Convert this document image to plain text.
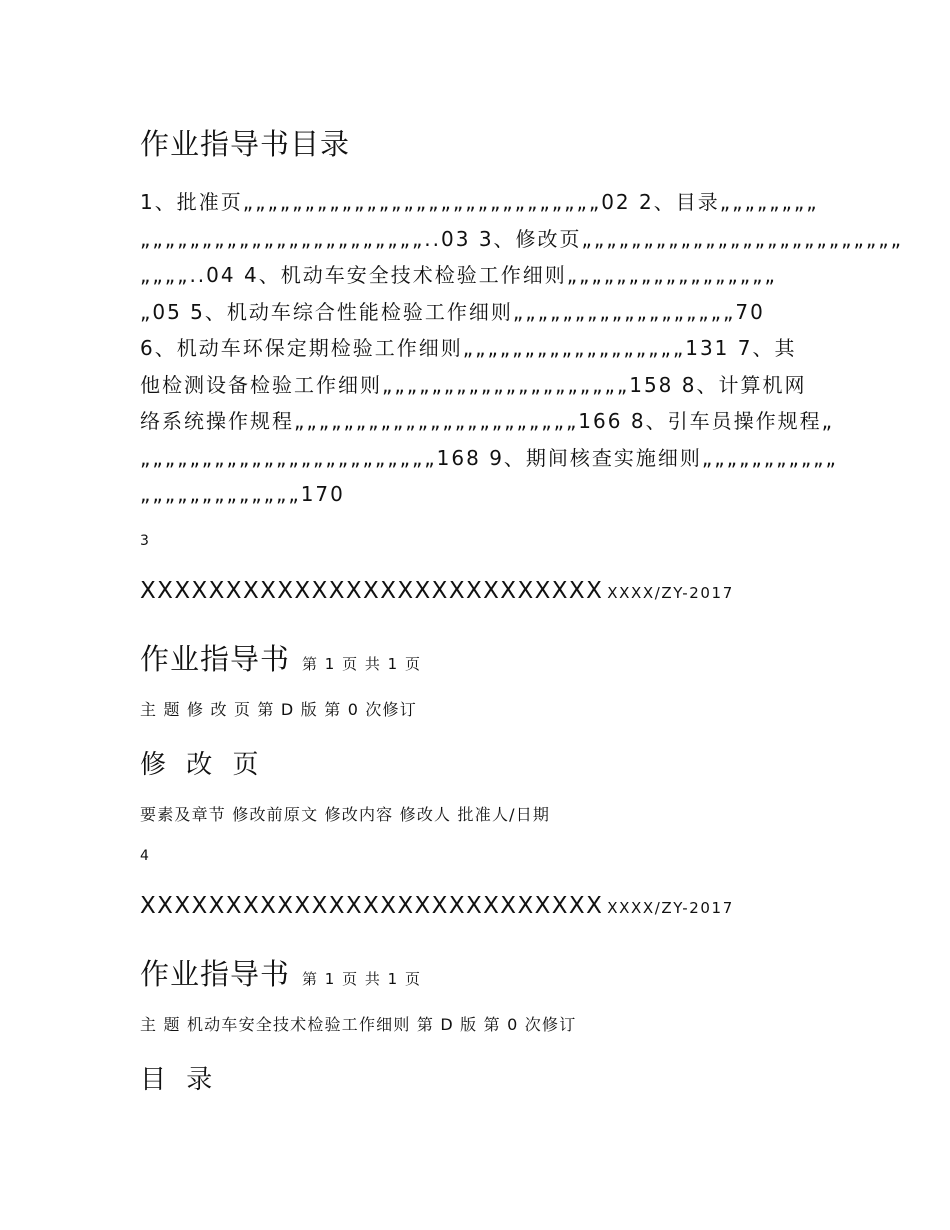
作业指导书目录
1、批准页„„„„„„„„„„„„„„„„„„„„„„„„„„„„„02 2、目录„„„„„„„„
„„„„„„„„„„„„„„„„„„„„„„„..03 3、修改页„„„„„„„„„„„„„„„„„„„„„„„„„„
„„„„..04 4、机动车安全技术检验工作细则„„„„„„„„„„„„„„„„„
„05 5、机动车综合性能检验工作细则„„„„„„„„„„„„„„„„„„70
6、机动车环保定期检验工作细则„„„„„„„„„„„„„„„„„„131 7、其
他检测设备检验工作细则„„„„„„„„„„„„„„„„„„„„158 8、计算机网
络系统操作规程„„„„„„„„„„„„„„„„„„„„„„„166 8、引车员操作规程„
„„„„„„„„„„„„„„„„„„„„„„„„168 9、期间核查实施细则„„„„„„„„„„„
„„„„„„„„„„„„„170
3
XXXXXXXXXXXXXXXXXXXXXXXXXXX XXXX/ZY-2017
作业指导书 第 1 页 共 1 页
主 题 修 改 页 第 D 版 第 0 次修订
修 改 页
要素及章节 修改前原文 修改内容 修改人 批准人/日期
4
XXXXXXXXXXXXXXXXXXXXXXXXXXX XXXX/ZY-2017
作业指导书 第 1 页 共 1 页
主 题 机动车安全技术检验工作细则 第 D 版 第 0 次修订
目 录
